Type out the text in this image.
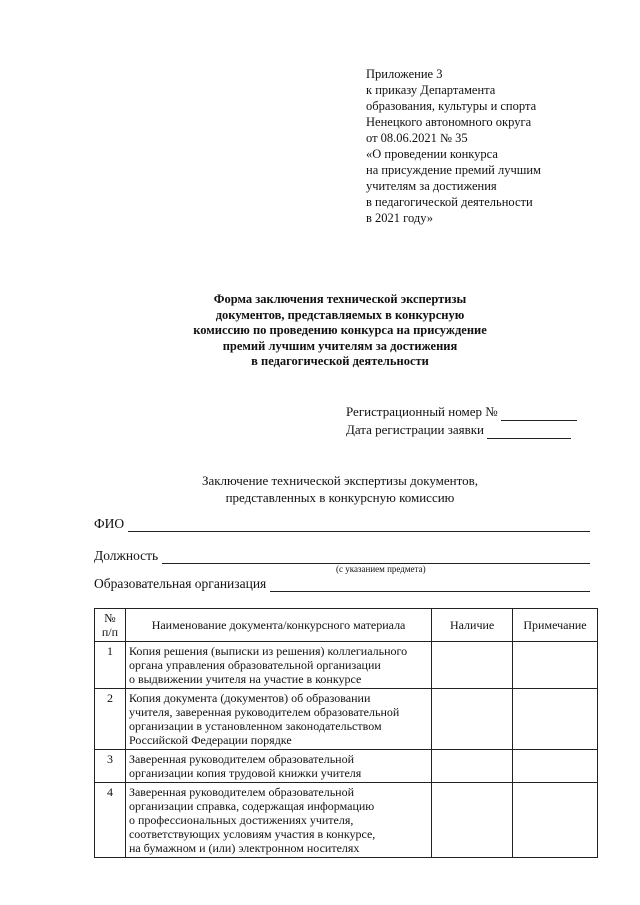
Приложение 3
к приказу Департамента
образования, культуры и спорта
Ненецкого автономного округа
от 08.06.2021 № 35
«О проведении конкурса
на присуждение премий лучшим
учителям за достижения
в педагогической деятельности
в 2021 году»
Форма заключения технической экспертизы
документов, представляемых в конкурсную
комиссию по проведению конкурса на присуждение
премий лучшим учителям за достижения
в педагогической деятельности
Регистрационный номер №
Дата регистрации заявки
Заключение технической экспертизы документов,
представленных в конкурсную комиссию
ФИО
Должность
(с указанием предмета)
Образовательная организация
№ п/п	Наименование документа/конкурсного материала	Наличие	Примечание
1	Копия решения (выписки из решения) коллегиального
органа управления образовательной организации
о выдвижении учителя на участие в конкурсе		

2	Копия документа (документов) об образовании
учителя, заверенная руководителем образовательной
организации в установленном законодательством
Российской Федерации порядке		

3	Заверенная руководителем образовательной
организации копия трудовой книжки учителя		

4	Заверенная руководителем образовательной
организации справка, содержащая информацию
о профессиональных достижениях учителя,
соответствующих условиям участия в конкурсе,
на бумажном и (или) электронном носителях		
